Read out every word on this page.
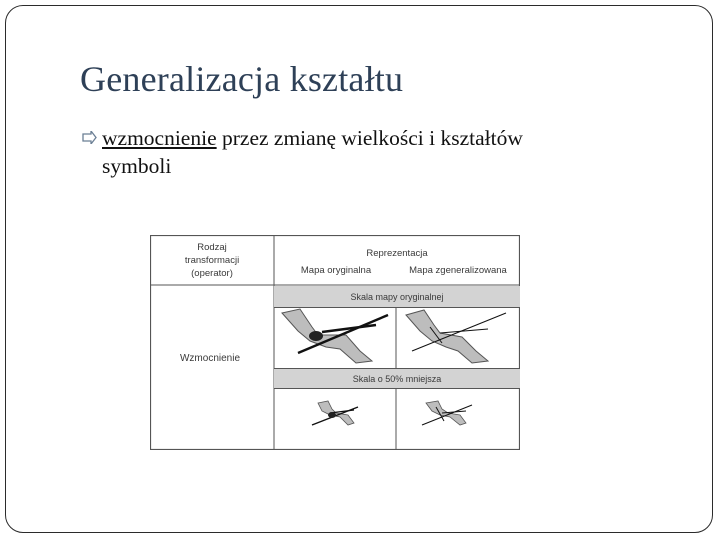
Generalizacja kształtu
wzmocnienie przez zmianę wielkości i kształtów
symboli
Rodzaj
transformacji
(operator)
Reprezentacja
Mapa oryginalna	Mapa zgeneralizowana
Skala mapy oryginalnej
Skala o 50% mniejsza
Wzmocnienie
